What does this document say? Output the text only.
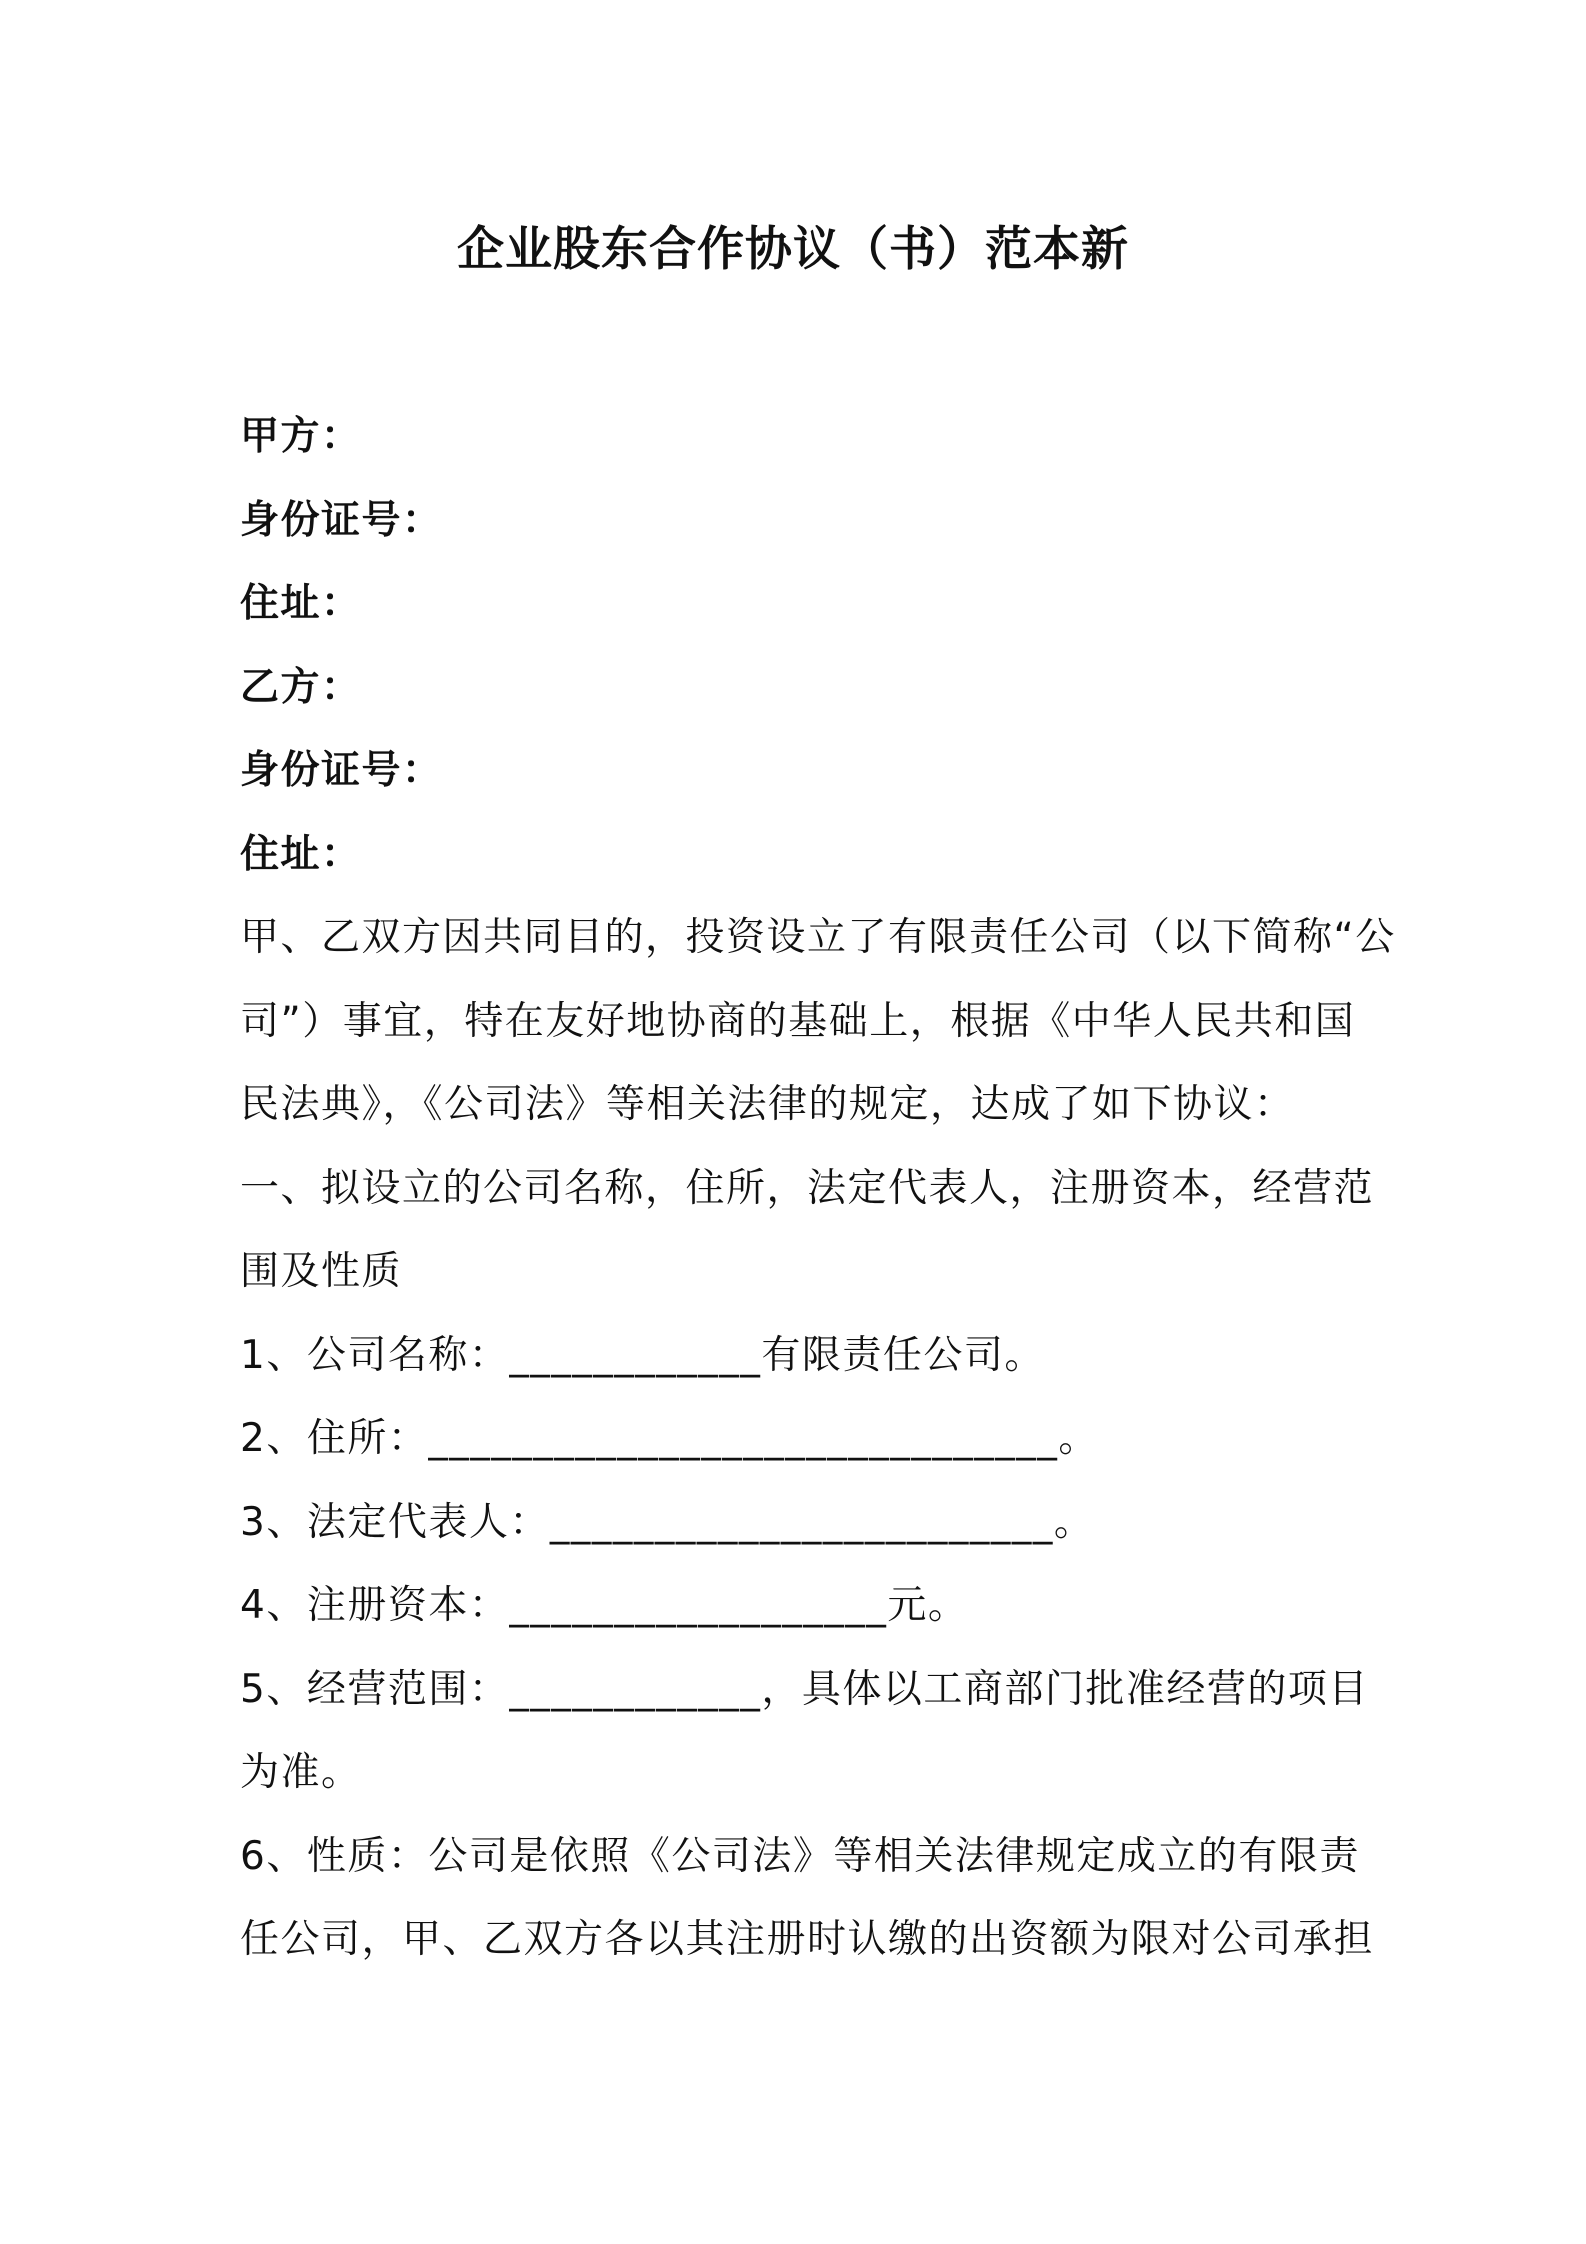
企业股东合作协议（书）范本新
甲方：
身份证号：
住址：
乙方：
身份证号：
住址：
甲、乙双方因共同目的，投资设立了有限责任公司（以下简称“公
司”）事宜，特在友好地协商的基础上，根据《中华人民共和国
民法典》，《公司法》等相关法律的规定，达成了如下协议：
一、拟设立的公司名称，住所，法定代表人，注册资本，经营范
围及性质
1、公司名称：____________有限责任公司。
2、住所：______________________________。
3、法定代表人：________________________。
4、注册资本：__________________元。
5、经营范围：____________，具体以工商部门批准经营的项目
为准。
6、性质：公司是依照《公司法》等相关法律规定成立的有限责
任公司，甲、乙双方各以其注册时认缴的出资额为限对公司承担
